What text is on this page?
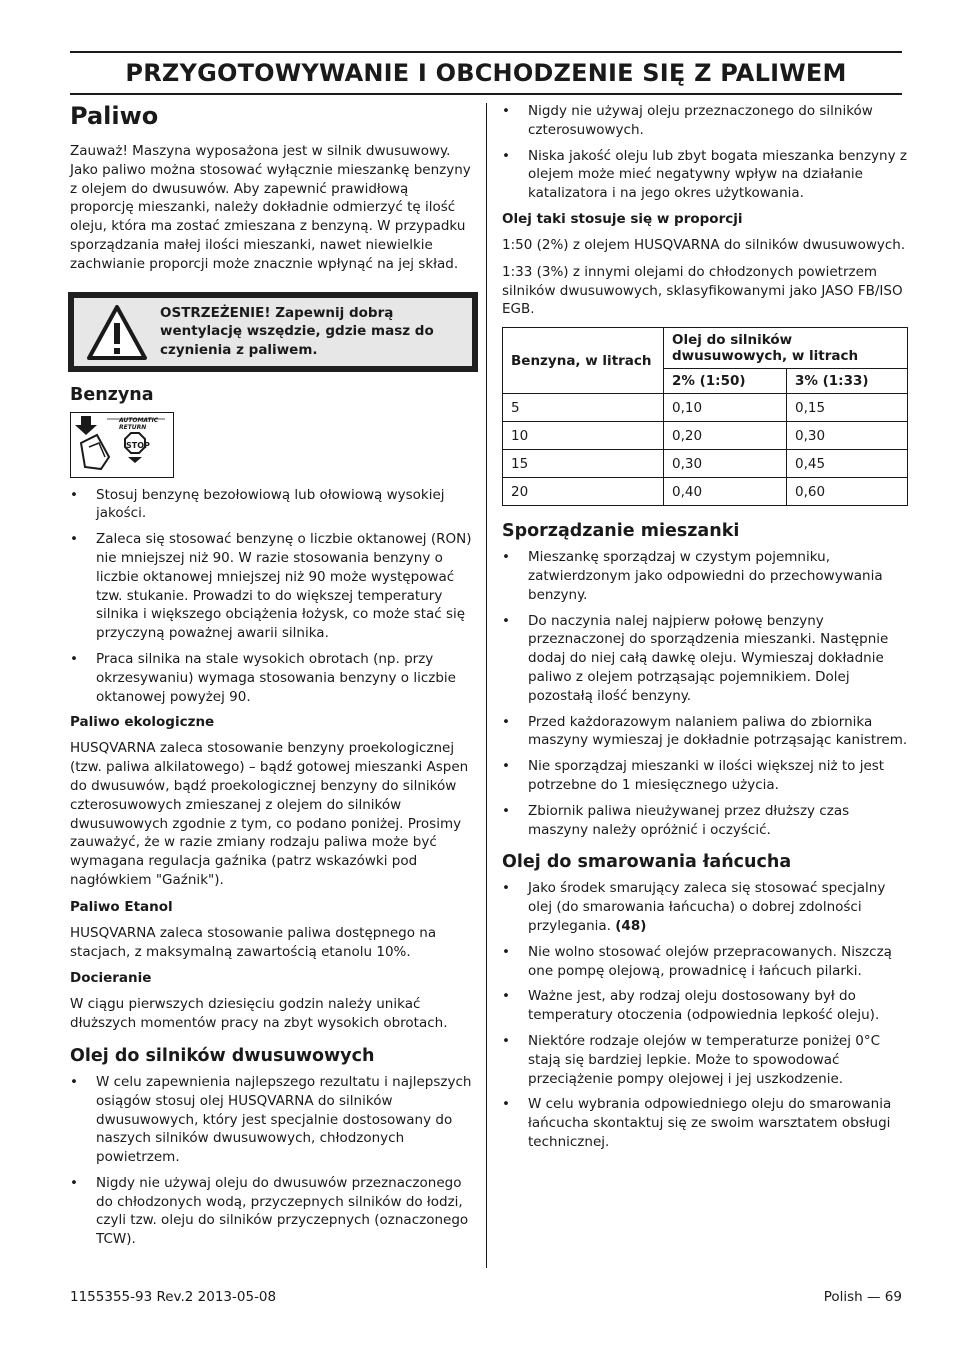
PRZYGOTOWYWANIE I OBCHODZENIE SIĘ Z PALIWEM
Paliwo

Zauważ! Maszyna wyposażona jest w silnik dwusuwowy. Jako paliwo można stosować wyłącznie mieszankę benzyny z olejem do dwusuwów. Aby zapewnić prawidłową proporcję mieszanki, należy dokładnie odmierzyć tę ilość oleju, która ma zostać zmieszana z benzyną. W przypadku sporządzania małej ilości mieszanki, nawet niewielkie zachwianie proporcji może znacznie wpłynąć na jej skład.

OSTRZEŻENIE! Zapewnij dobrą wentylację wszędzie, gdzie masz do czynienia z paliwem.
Benzyna
AUTOMATIC
RETURN
STOP
• Stosuj benzynę bezołowiową lub ołowiową wysokiej jakości.
• Zaleca się stosować benzynę o liczbie oktanowej (RON) nie mniejszej niż 90. W razie stosowania benzyny o liczbie oktanowej mniejszej niż 90 może występować tzw. stukanie. Prowadzi to do większej temperatury silnika i większego obciążenia łożysk, co może stać się przyczyną poważnej awarii silnika.
• Praca silnika na stale wysokich obrotach (np. przy okrzesywaniu) wymaga stosowania benzyny o liczbie oktanowej powyżej 90.
Paliwo ekologiczne

HUSQVARNA zaleca stosowanie benzyny proekologicznej (tzw. paliwa alkilatowego) – bądź gotowej mieszanki Aspen do dwusuwów, bądź proekologicznej benzyny do silników czterosuwowych zmieszanej z olejem do silników dwusuwowych zgodnie z tym, co podano poniżej. Prosimy zauważyć, że w razie zmiany rodzaju paliwa może być wymagana regulacja gaźnika (patrz wskazówki pod nagłówkiem "Gaźnik").

Paliwo Etanol

HUSQVARNA zaleca stosowanie paliwa dostępnego na stacjach, z maksymalną zawartością etanolu 10%.

Docieranie

W ciągu pierwszych dziesięciu godzin należy unikać dłuższych momentów pracy na zbyt wysokich obrotach.

Olej do silników dwusuwowych
• W celu zapewnienia najlepszego rezultatu i najlepszych osiągów stosuj olej HUSQVARNA do silników dwusuwowych, który jest specjalnie dostosowany do naszych silników dwusuwowych, chłodzonych powietrzem.
• Nigdy nie używaj oleju do dwusuwów przeznaczonego do chłodzonych wodą, przyczepnych silników do łodzi, czyli tzw. oleju do silników przyczepnych (oznaczonego TCW).
• Nigdy nie używaj oleju przeznaczonego do silników czterosuwowych.
• Niska jakość oleju lub zbyt bogata mieszanka benzyny z olejem może mieć negatywny wpływ na działanie katalizatora i na jego okres użytkowania.
Olej taki stosuje się w proporcji

1:50 (2%) z olejem HUSQVARNA do silników dwusuwowych.

1:33 (3%) z innymi olejami do chłodzonych powietrzem silników dwusuwowych, sklasyfikowanymi jako JASO FB/ISO EGB.

Benzyna, w litrach	Olej do silników dwusuwowych, w litrach	
	2% (1:50)	3% (1:33)
5	0,10	0,15
10	0,20	0,30
15	0,30	0,45
20	0,40	0,60
Sporządzanie mieszanki
• Mieszankę sporządzaj w czystym pojemniku, zatwierdzonym jako odpowiedni do przechowywania benzyny.
• Do naczynia nalej najpierw połowę benzyny przeznaczonej do sporządzenia mieszanki. Następnie dodaj do niej całą dawkę oleju. Wymieszaj dokładnie paliwo z olejem potrząsając pojemnikiem. Dolej pozostałą ilość benzyny.
• Przed każdorazowym nalaniem paliwa do zbiornika maszyny wymieszaj je dokładnie potrząsając kanistrem.
• Nie sporządzaj mieszanki w ilości większej niż to jest potrzebne do 1 miesięcznego użycia.
• Zbiornik paliwa nieużywanej przez dłuższy czas maszyny należy opróżnić i oczyścić.
Olej do smarowania łańcucha
• Jako środek smarujący zaleca się stosować specjalny olej (do smarowania łańcucha) o dobrej zdolności przylegania. (48)
• Nie wolno stosować olejów przepracowanych. Niszczą one pompę olejową, prowadnicę i łańcuch pilarki.
• Ważne jest, aby rodzaj oleju dostosowany był do temperatury otoczenia (odpowiednia lepkość oleju).
• Niektóre rodzaje olejów w temperaturze poniżej 0°C stają się bardziej lepkie. Może to spowodować przeciążenie pompy olejowej i jej uszkodzenie.
• W celu wybrania odpowiedniego oleju do smarowania łańcucha skontaktuj się ze swoim warsztatem obsługi technicznej.
1155355-93 Rev.2 2013-05-08	Polish — 69
